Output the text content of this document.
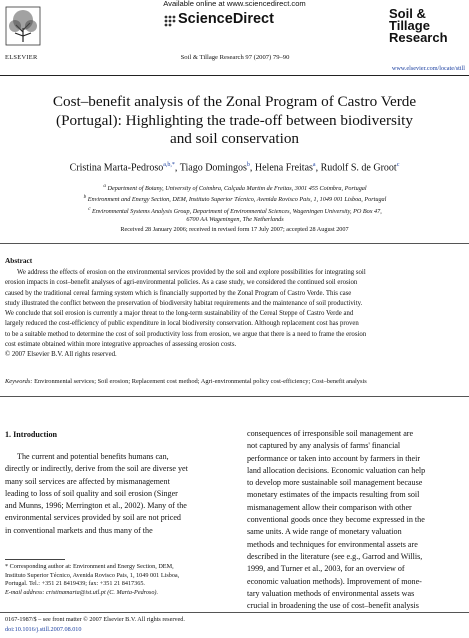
Available online at www.sciencedirect.com
ELSEVIER
ScienceDirect
Soil & Tillage Research 97 (2007) 79–90
Soil &
Tillage
Research
www.elsevier.com/locate/still
Cost–benefit analysis of the Zonal Program of Castro Verde
(Portugal): Highlighting the trade-off between biodiversity
and soil conservation
Cristina Marta-Pedroso$^{a,b,*}$, Tiago Domingos$^b$, Helena Freitas$^a$, Rudolf S. de Groot$^c$
$^a$ Department of Botany, University of Coimbra, Calçada Martim de Freitas, 3001 455 Coimbra, Portugal
$^b$ Environment and Energy Section, DEM, Instituto Superior Técnico, Avenida Rovisco Pais, 1, 1049 001 Lisboa, Portugal
$^c$ Environmental Systems Analysis Group, Department of Environmental Sciences, Wageningen University, PO Box 47,
6700 AA Wageningen, The Netherlands
Received 28 January 2006; received in revised form 17 July 2007; accepted 28 August 2007
Abstract
We address the effects of erosion on the environmental services provided by the soil and explore possibilities for integrating soil
erosion impacts in cost–benefit analyses of agri-environmental policies. As a case study, we considered the continued soil erosion
caused by the traditional cereal farming system which is financially supported by the Zonal Program of Castro Verde. This case
study illustrated the conflict between the preservation of biodiversity habitat requirements and the maintenance of soil productivity.
We conclude that soil erosion is currently a major threat to the long-term sustainability of the Cereal Steppe of Castro Verde and
largely reduced the cost-efficiency of public expenditure in local biodiversity conservation. Although replacement cost has proven
to be a suitable method to determine the cost of soil productivity loss from erosion, we argue that there is a need to frame the erosion
cost estimate obtained within more integrative approaches of assessing erosion costs.
© 2007 Elsevier B.V. All rights reserved.
Keywords: Environmental services; Soil erosion; Replacement cost method; Agri-environmental policy cost-efficiency; Cost–benefit analysis
1. Introduction
The current and potential benefits humans can,
directly or indirectly, derive from the soil are diverse yet
many soil services are affected by mismanagement
leading to loss of soil quality and soil erosion (Singer
and Munns, 1996; Merrington et al., 2002). Many of the
environmental services provided by soil are not priced
in conventional markets and thus many of the
consequences of irresponsible soil management are
not captured by any analysis of farms' financial
performance or taken into account by farmers in their
land allocation decisions. Economic valuation can help
to develop more sustainable soil management because
monetary estimates of the impacts resulting from soil
mismanagement allow their comparison with other
conventional goods once they become expressed in the
same units. A wide range of monetary valuation
methods and techniques for environmental assets are
described in the literature (see e.g., Garrod and Willis,
1999, and Turner et al., 2003, for an overview of
economic valuation methods). Improvement of mone-
tary valuation methods of environmental assets was
crucial in broadening the use of cost–benefit analysis
* Corresponding author at: Environment and Energy Section, DEM,
Instituto Superior Técnico, Avenida Rovisco Pais, 1, 1049 001 Lisboa,
Portugal. Tel.: +351 21 8419439; fax: +351 21 8417365.
E-mail address: cristinamarta@ist.utl.pt (C. Marta-Pedroso).
0167-1987/$ – see front matter © 2007 Elsevier B.V. All rights reserved.
doi:10.1016/j.still.2007.08.010
